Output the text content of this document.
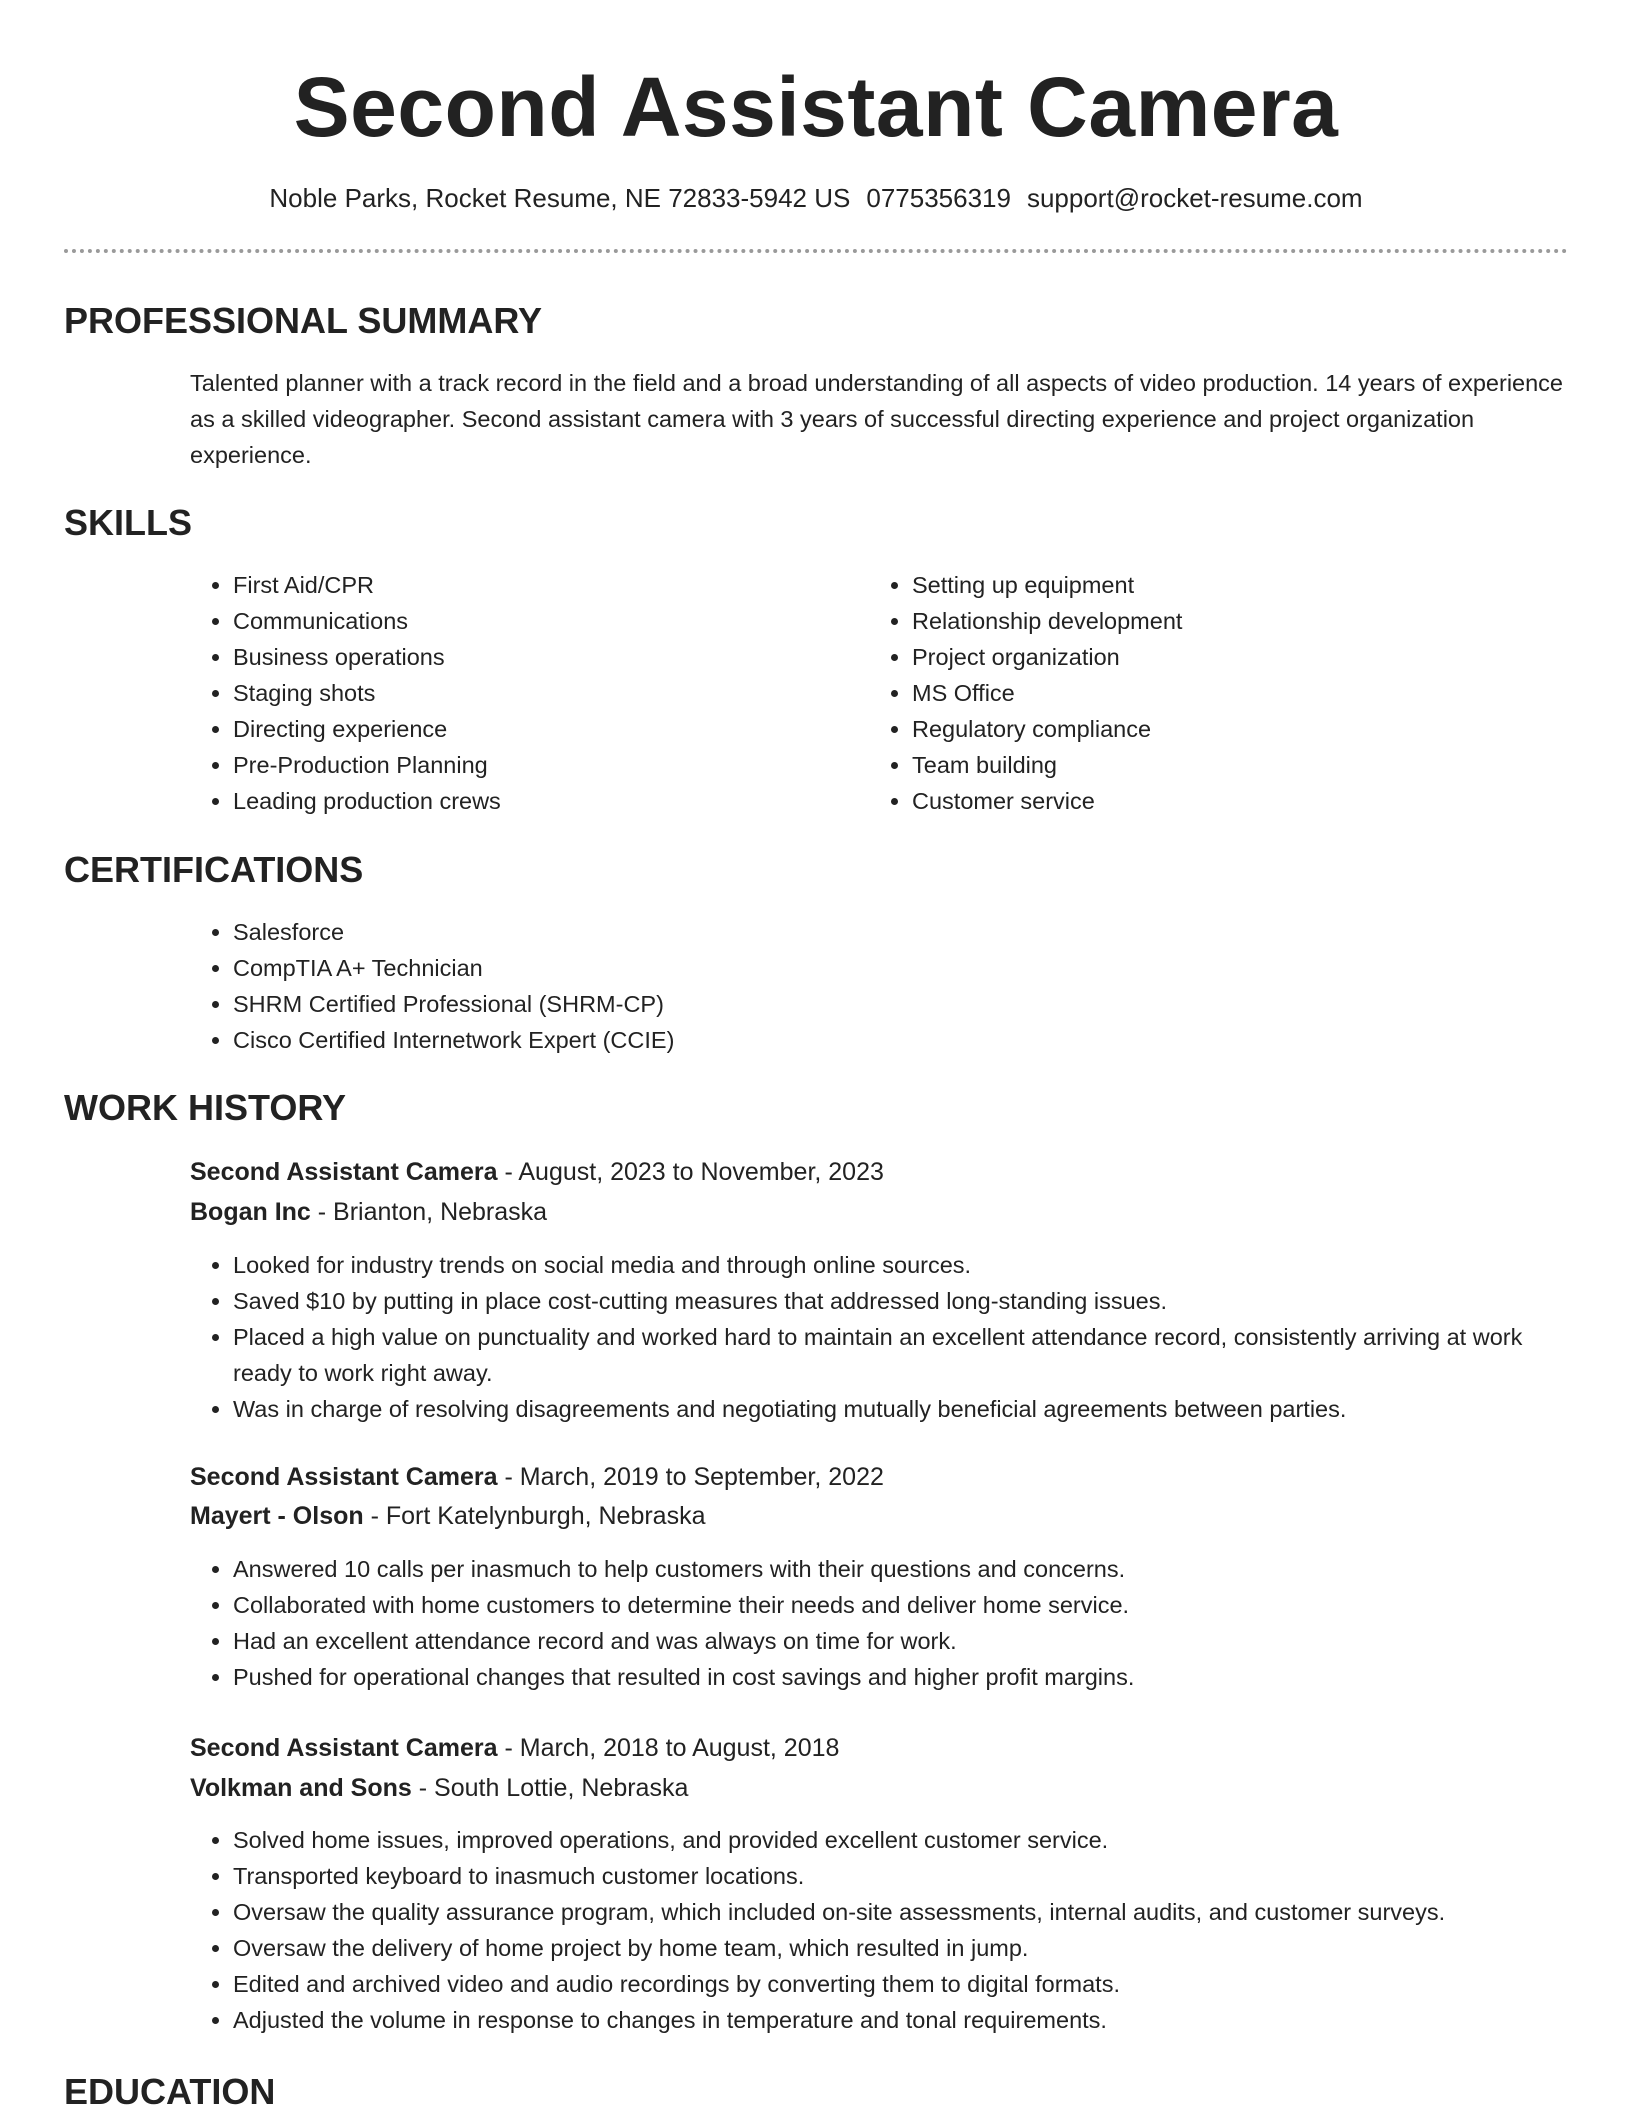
Second Assistant Camera
Noble Parks, Rocket Resume, NE 72833-5942 US 0775356319 support@rocket-resume.com
PROFESSIONAL SUMMARY

Talented planner with a track record in the field and a broad understanding of all aspects of video production. 14 years of experience as a skilled videographer. Second assistant camera with 3 years of successful directing experience and project organization experience.

SKILLS
• First Aid/CPR
• Communications
• Business operations
• Staging shots
• Directing experience
• Pre-Production Planning
• Leading production crews
• Setting up equipment
• Relationship development
• Project organization
• MS Office
• Regulatory compliance
• Team building
• Customer service
CERTIFICATIONS
• Salesforce
• CompTIA A+ Technician
• SHRM Certified Professional (SHRM-CP)
• Cisco Certified Internetwork Expert (CCIE)
WORK HISTORY
Second Assistant Camera - August, 2023 to November, 2023
Bogan Inc - Brianton, Nebraska
• Looked for industry trends on social media and through online sources.
• Saved $10 by putting in place cost-cutting measures that addressed long-standing issues.
• Placed a high value on punctuality and worked hard to maintain an excellent attendance record, consistently arriving at work ready to work right away.
• Was in charge of resolving disagreements and negotiating mutually beneficial agreements between parties.
Second Assistant Camera - March, 2019 to September, 2022
Mayert - Olson - Fort Katelynburgh, Nebraska
• Answered 10 calls per inasmuch to help customers with their questions and concerns.
• Collaborated with home customers to determine their needs and deliver home service.
• Had an excellent attendance record and was always on time for work.
• Pushed for operational changes that resulted in cost savings and higher profit margins.
Second Assistant Camera - March, 2018 to August, 2018
Volkman and Sons - South Lottie, Nebraska
• Solved home issues, improved operations, and provided excellent customer service.
• Transported keyboard to inasmuch customer locations.
• Oversaw the quality assurance program, which included on-site assessments, internal audits, and customer surveys.
• Oversaw the delivery of home project by home team, which resulted in jump.
• Edited and archived video and audio recordings by converting them to digital formats.
• Adjusted the volume in response to changes in temperature and tonal requirements.
EDUCATION
